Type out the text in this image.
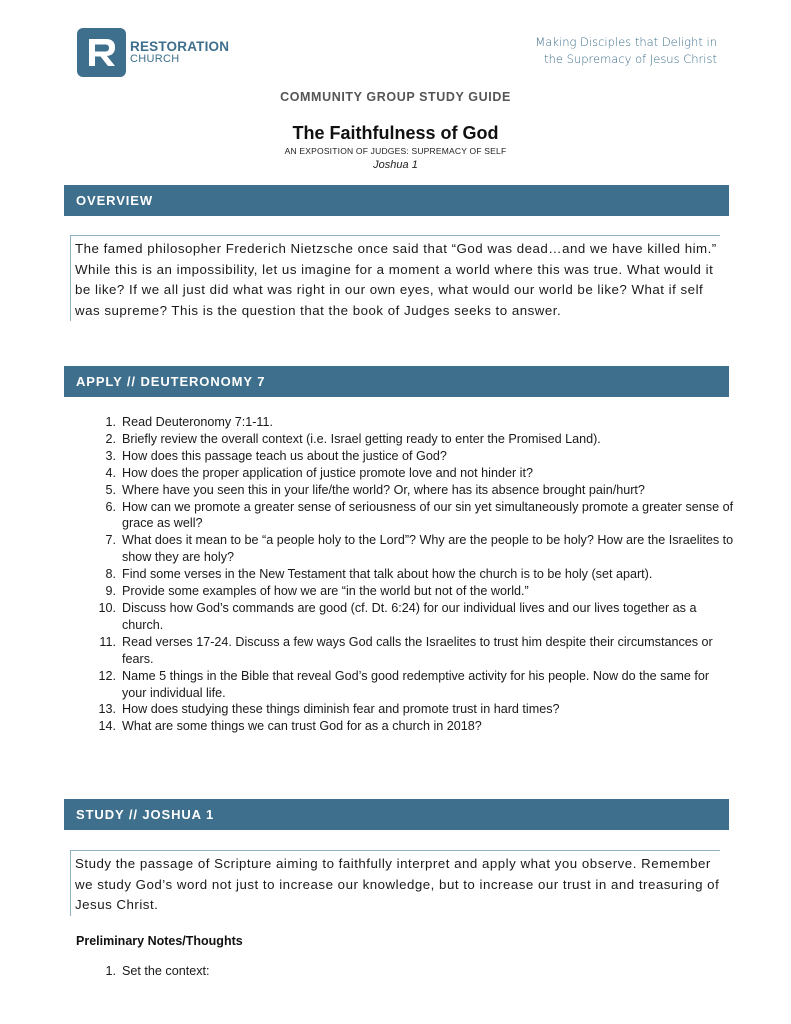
RESTORATION
CHURCH
Making Disciples that Delight in
the Supremacy of Jesus Christ
COMMUNITY GROUP STUDY GUIDE
The Faithfulness of God
AN EXPOSITION OF JUDGES: SUPREMACY OF SELF
Joshua 1
OVERVIEW
The famed philosopher Frederich Nietzsche once said that “God was dead…and we have killed him.” While this is an impossibility, let us imagine for a moment a world where this was true. What would it be like? If we all just did what was right in our own eyes, what would our world be like? What if self was supreme? This is the question that the book of Judges seeks to answer.
APPLY // DEUTERONOMY 7
1. Read Deuteronomy 7:1-11.
2. Briefly review the overall context (i.e. Israel getting ready to enter the Promised Land).
3. How does this passage teach us about the justice of God?
4. How does the proper application of justice promote love and not hinder it?
5. Where have you seen this in your life/the world? Or, where has its absence brought pain/hurt?
6. How can we promote a greater sense of seriousness of our sin yet simultaneously promote a greater sense of grace as well?
7. What does it mean to be “a people holy to the Lord”? Why are the people to be holy? How are the Israelites to show they are holy?
8. Find some verses in the New Testament that talk about how the church is to be holy (set apart).
9. Provide some examples of how we are “in the world but not of the world.”
10. Discuss how God’s commands are good (cf. Dt. 6:24) for our individual lives and our lives together as a church.
11. Read verses 17-24. Discuss a few ways God calls the Israelites to trust him despite their circumstances or fears.
12. Name 5 things in the Bible that reveal God’s good redemptive activity for his people. Now do the same for your individual life.
13. How does studying these things diminish fear and promote trust in hard times?
14. What are some things we can trust God for as a church in 2018?
STUDY // JOSHUA 1
Study the passage of Scripture aiming to faithfully interpret and apply what you observe. Remember we study God’s word not just to increase our knowledge, but to increase our trust in and treasuring of Jesus Christ.
Preliminary Notes/Thoughts
1. Set the context:
